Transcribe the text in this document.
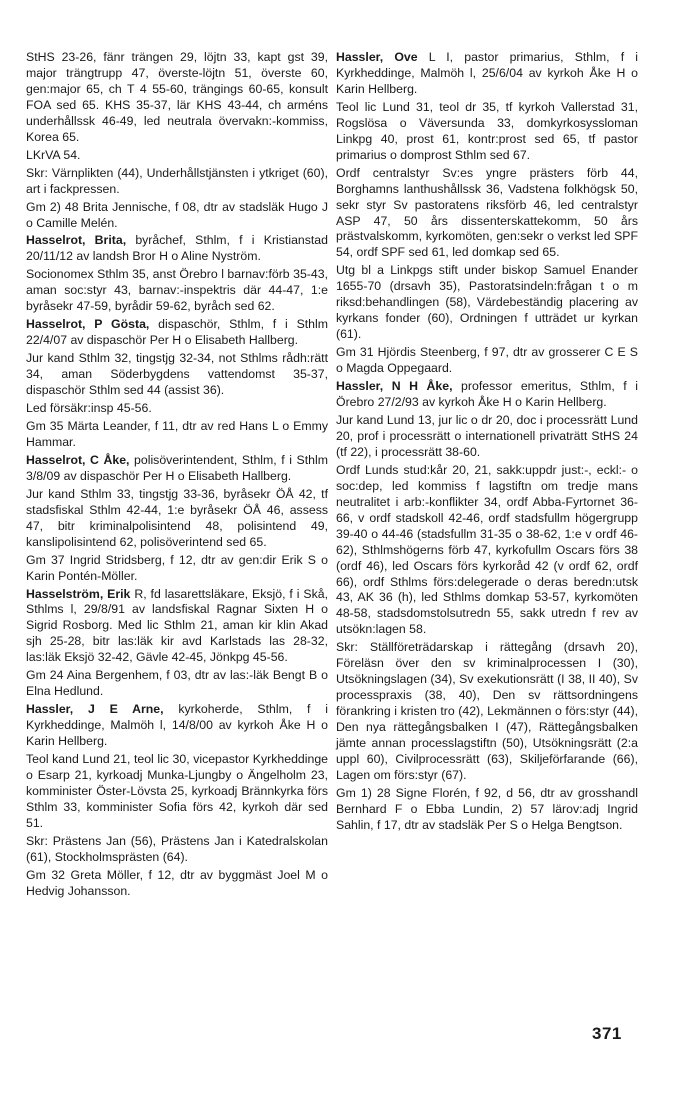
StHS 23-26, fänr trängen 29, löjtn 33, kapt gst 39, major trängtrupp 47, överste-löjtn 51, överste 60, gen:major 65, ch T 4 55-60, trängings 60-65, konsult FOA sed 65. KHS 35-37, lär KHS 43-44, ch arméns underhållssk 46-49, led neutrala övervakn:-kommiss, Korea 65.

LKrVA 54.

Skr: Värnplikten (44), Underhållstjänsten i ytkriget (60), art i fackpressen.

Gm 2) 48 Brita Jennische, f 08, dtr av stadsläk Hugo J o Camille Melén.

Hasselrot, Brita, byråchef, Sthlm, f i Kristianstad 20/11/12 av landsh Bror H o Aline Nyström.

Socionomex Sthlm 35, anst Örebro l barnav:förb 35-43, aman soc:styr 43, barnav:-inspektris där 44-47, 1:e byråsekr 47-59, byrådir 59-62, byråch sed 62.

Hasselrot, P Gösta, dispaschör, Sthlm, f i Sthlm 22/4/07 av dispaschör Per H o Elisabeth Hallberg.

Jur kand Sthlm 32, tingstjg 32-34, not Sthlms rådh:rätt 34, aman Söderbygdens vattendomst 35-37, dispaschör Sthlm sed 44 (assist 36).

Led försäkr:insp 45-56.

Gm 35 Märta Leander, f 11, dtr av red Hans L o Emmy Hammar.

Hasselrot, C Åke, polisöverintendent, Sthlm, f i Sthlm 3/8/09 av dispaschör Per H o Elisabeth Hallberg.

Jur kand Sthlm 33, tingstjg 33-36, byråsekr ÖÅ 42, tf stadsfiskal Sthlm 42-44, 1:e byråsekr ÖÅ 46, assess 47, bitr kriminalpolisintend 48, polisintend 49, kanslipolisintend 62, polisöverintend sed 65.

Gm 37 Ingrid Stridsberg, f 12, dtr av gen:dir Erik S o Karin Pontén-Möller.

Hasselström, Erik R, fd lasarettsläkare, Eksjö, f i Skå, Sthlms l, 29/8/91 av landsfiskal Ragnar Sixten H o Sigrid Rosborg. Med lic Sthlm 21, aman kir klin Akad sjh 25-28, bitr las:läk kir avd Karlstads las 28-32, las:läk Eksjö 32-42, Gävle 42-45, Jönkpg 45-56.

Gm 24 Aina Bergenhem, f 03, dtr av las:-läk Bengt B o Elna Hedlund.

Hassler, J E Arne, kyrkoherde, Sthlm, f i Kyrkheddinge, Malmöh l, 14/8/00 av kyrkoh Åke H o Karin Hellberg.

Teol kand Lund 21, teol lic 30, vicepastor Kyrkheddinge o Esarp 21, kyrkoadj Munka-Ljungby o Ängelholm 23, komminister Öster-Lövsta 25, kyrkoadj Brännkyrka förs Sthlm 33, komminister Sofia förs 42, kyrkoh där sed 51.

Skr: Prästens Jan (56), Prästens Jan i Katedralskolan (61), Stockholmsprästen (64).

Gm 32 Greta Möller, f 12, dtr av byggmäst Joel M o Hedvig Johansson.

Hassler, Ove L I, pastor primarius, Sthlm, f i Kyrkheddinge, Malmöh l, 25/6/04 av kyrkoh Åke H o Karin Hellberg.

Teol lic Lund 31, teol dr 35, tf kyrkoh Vallerstad 31, Rogslösa o Väversunda 33, domkyrkosyssloman Linkpg 40, prost 61, kontr:prost sed 65, tf pastor primarius o domprost Sthlm sed 67.

Ordf centralstyr Sv:es yngre prästers förb 44, Borghamns lanthushållssk 36, Vadstena folkhögsk 50, sekr styr Sv pastoratens riksförb 46, led centralstyr ASP 47, 50 års dissenterskattekomm, 50 års prästvalskomm, kyrkomöten, gen:sekr o verkst led SPF 54, ordf SPF sed 61, led domkap sed 65.

Utg bl a Linkpgs stift under biskop Samuel Enander 1655-70 (drsavh 35), Pastoratsindeln:frågan t o m riksd:behandlingen (58), Värdebeständig placering av kyrkans fonder (60), Ordningen f utträdet ur kyrkan (61).

Gm 31 Hjördis Steenberg, f 97, dtr av grosserer C E S o Magda Oppegaard.

Hassler, N H Åke, professor emeritus, Sthlm, f i Örebro 27/2/93 av kyrkoh Åke H o Karin Hellberg.

Jur kand Lund 13, jur lic o dr 20, doc i processrätt Lund 20, prof i processrätt o internationell privaträtt StHS 24 (tf 22), i processrätt 38-60.

Ordf Lunds stud:kår 20, 21, sakk:uppdr just:-, eckl:- o soc:dep, led kommiss f lagstiftn om tredje mans neutralitet i arb:-konflikter 34, ordf Abba-Fyrtornet 36-66, v ordf stadskoll 42-46, ordf stadsfullm högergrupp 39-40 o 44-46 (stadsfullm 31-35 o 38-62, 1:e v ordf 46-62), Sthlmshögerns förb 47, kyrkofullm Oscars förs 38 (ordf 46), led Oscars förs kyrkoråd 42 (v ordf 62, ordf 66), ordf Sthlms förs:delegerade o deras beredn:utsk 43, AK 36 (h), led Sthlms domkap 53-57, kyrkomöten 48-58, stadsdomstolsutredn 55, sakk utredn f rev av utsökn:lagen 58.

Skr: Ställföreträdarskap i rättegång (drsavh 20), Föreläsn över den sv kriminalprocessen I (30), Utsökningslagen (34), Sv exekutionsrätt (I 38, II 40), Sv processpraxis (38, 40), Den sv rättsordningens förankring i kristen tro (42), Lekmännen o förs:styr (44), Den nya rättegångsbalken I (47), Rättegångsbalken jämte annan processlagstiftn (50), Utsökningsrätt (2:a uppl 60), Civilprocessrätt (63), Skiljeförfarande (66), Lagen om förs:styr (67).

Gm 1) 28 Signe Florén, f 92, d 56, dtr av grosshandl Bernhard F o Ebba Lundin, 2) 57 lärov:adj Ingrid Sahlin, f 17, dtr av stadsläk Per S o Helga Bengtson.

371
